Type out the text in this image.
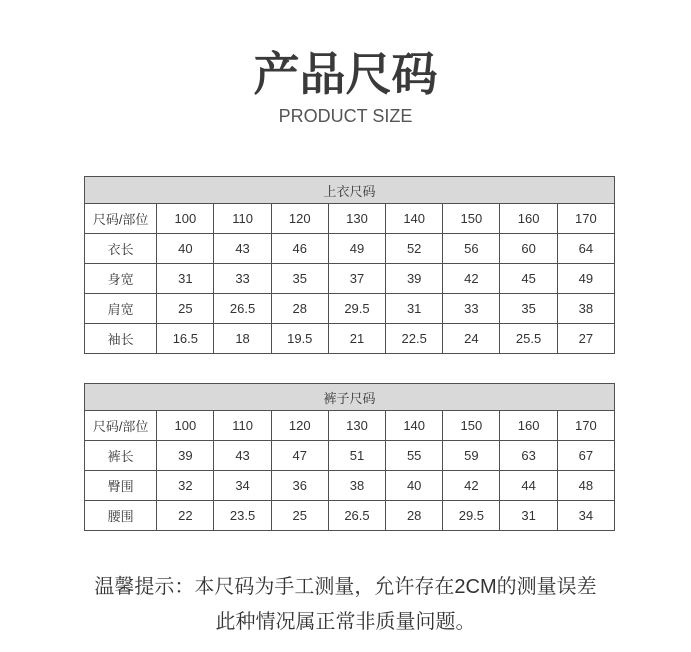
产品尺码
PRODUCT SIZE
上衣尺码								
尺码/部位	100	110	120	130	140	150	160	170
衣长	40	43	46	49	52	56	60	64
身宽	31	33	35	37	39	42	45	49
肩宽	25	26.5	28	29.5	31	33	35	38
袖长	16.5	18	19.5	21	22.5	24	25.5	27
裤子尺码								
尺码/部位	100	110	120	130	140	150	160	170
裤长	39	43	47	51	55	59	63	67
臀围	32	34	36	38	40	42	44	48
腰围	22	23.5	25	26.5	28	29.5	31	34
温馨提示：本尺码为手工测量，允许存在2CM的测量误差
此种情况属正常非质量问题。
